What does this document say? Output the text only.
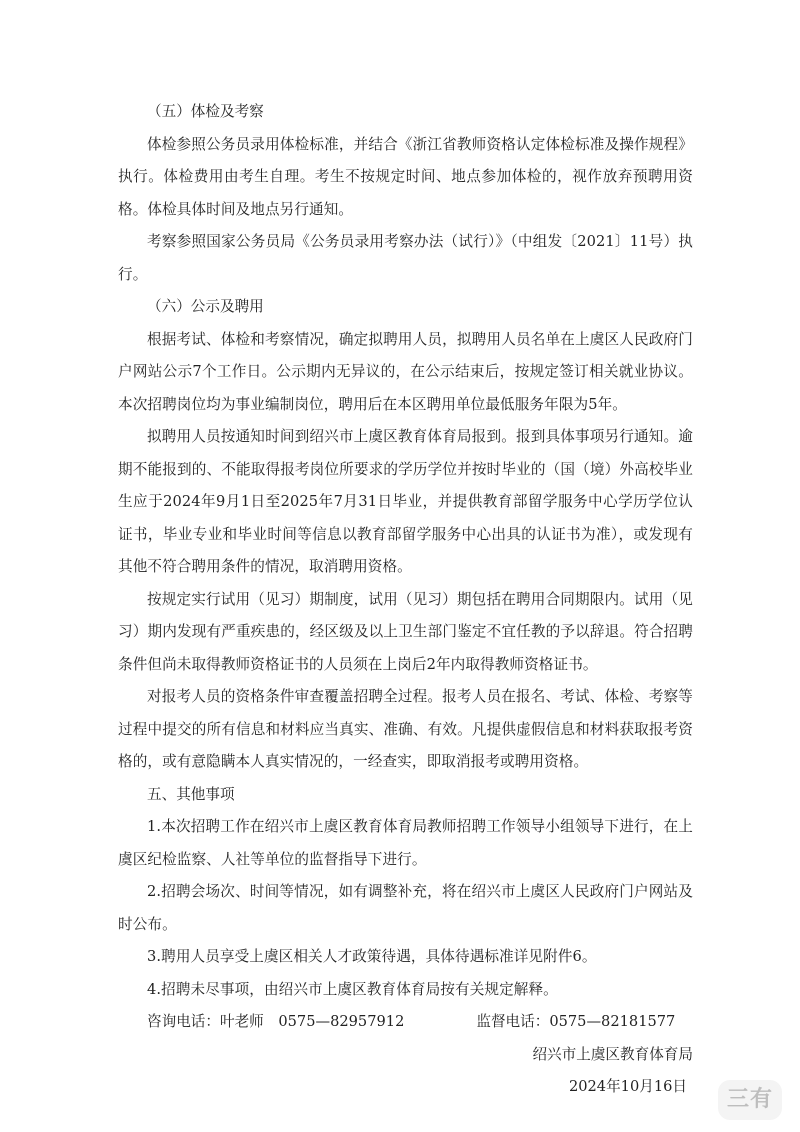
（五）体检及考察

体检参照公务员录用体检标准，并结合《浙江省教师资格认定体检标准及操作规程》执行。体检费用由考生自理。考生不按规定时间、地点参加体检的，视作放弃预聘用资格。体检具体时间及地点另行通知。

考察参照国家公务员局《公务员录用考察办法（试行）》（中组发〔2021〕11号）执行。

（六）公示及聘用

根据考试、体检和考察情况，确定拟聘用人员，拟聘用人员名单在上虞区人民政府门户网站公示7个工作日。公示期内无异议的，在公示结束后，按规定签订相关就业协议。本次招聘岗位均为事业编制岗位，聘用后在本区聘用单位最低服务年限为5年。

拟聘用人员按通知时间到绍兴市上虞区教育体育局报到。报到具体事项另行通知。逾期不能报到的、不能取得报考岗位所要求的学历学位并按时毕业的（国（境）外高校毕业生应于2024年9月1日至2025年7月31日毕业，并提供教育部留学服务中心学历学位认证书，毕业专业和毕业时间等信息以教育部留学服务中心出具的认证书为准），或发现有其他不符合聘用条件的情况，取消聘用资格。

按规定实行试用（见习）期制度，试用（见习）期包括在聘用合同期限内。试用（见习）期内发现有严重疾患的，经区级及以上卫生部门鉴定不宜任教的予以辞退。符合招聘条件但尚未取得教师资格证书的人员须在上岗后2年内取得教师资格证书。

对报考人员的资格条件审查覆盖招聘全过程。报考人员在报名、考试、体检、考察等过程中提交的所有信息和材料应当真实、准确、有效。凡提供虚假信息和材料获取报考资格的，或有意隐瞒本人真实情况的，一经查实，即取消报考或聘用资格。

五、其他事项

1.本次招聘工作在绍兴市上虞区教育体育局教师招聘工作领导小组领导下进行，在上虞区纪检监察、人社等单位的监督指导下进行。

2.招聘会场次、时间等情况，如有调整补充，将在绍兴市上虞区人民政府门户网站及时公布。

3.聘用人员享受上虞区相关人才政策待遇，具体待遇标准详见附件6。

4.招聘未尽事项，由绍兴市上虞区教育体育局按有关规定解释。

咨询电话：叶老师　0575—82957912	监督电话：0575—82181577

绍兴市上虞区教育体育局

2024年10月16日

三有
